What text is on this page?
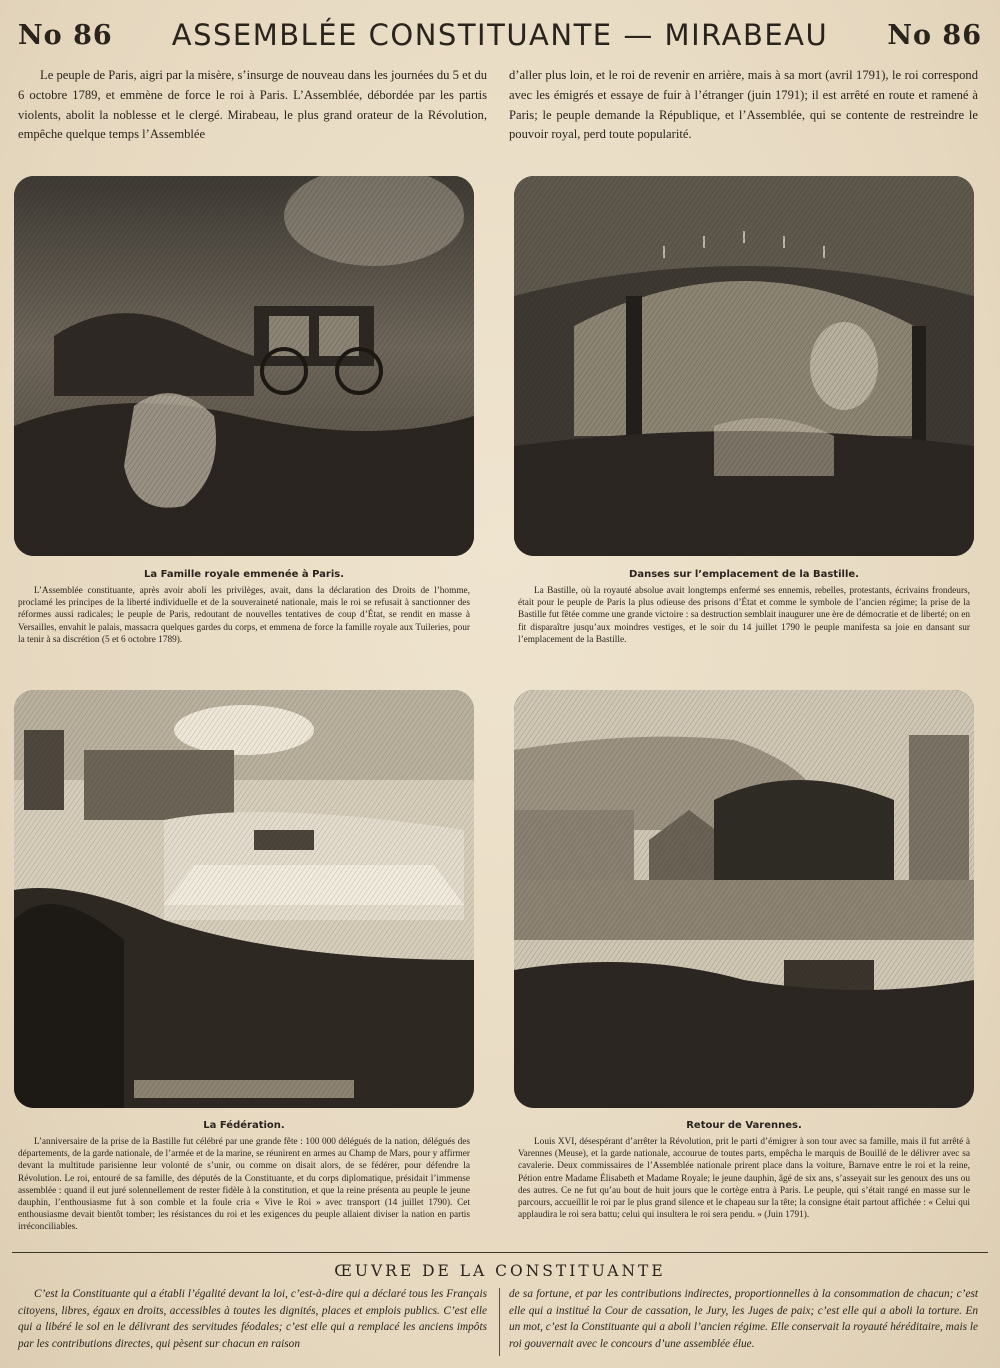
No 86	ASSEMBLÉE CONSTITUANTE — MIRABEAU	No 86

Le peuple de Paris, aigri par la misère, s’insurge de nouveau dans les journées du 5 et du 6 octobre 1789, et emmène de force le roi à Paris. L’Assemblée, débordée par les partis violents, abolit la noblesse et le clergé. Mirabeau, le plus grand orateur de la Révolution, empêche quelque temps l’Assemblée

d’aller plus loin, et le roi de revenir en arrière, mais à sa mort (avril 1791), le roi correspond avec les émigrés et essaye de fuir à l’étranger (juin 1791); il est arrêté en route et ramené à Paris; le peuple demande la République, et l’Assemblée, qui se contente de restreindre le pouvoir royal, perd toute popularité.

La Famille royale emmenée à Paris.

L’Assemblée constituante, après avoir aboli les privilèges, avait, dans la déclaration des Droits de l’homme, proclamé les principes de la liberté individuelle et de la souveraineté nationale, mais le roi se refusait à sanctionner des réformes aussi radicales; le peuple de Paris, redoutant de nouvelles tentatives de coup d’État, se rendit en masse à Versailles, envahit le palais, massacra quelques gardes du corps, et emmena de force la famille royale aux Tuileries, pour la tenir à sa discrétion (5 et 6 octobre 1789).

Danses sur l’emplacement de la Bastille.

La Bastille, où la royauté absolue avait longtemps enfermé ses ennemis, rebelles, protestants, écrivains frondeurs, était pour le peuple de Paris la plus odieuse des prisons d’État et comme le symbole de l’ancien régime; la prise de la Bastille fut fêtée comme une grande victoire : sa destruction semblait inaugurer une ère de démocratie et de liberté; on en fit disparaître jusqu’aux moindres vestiges, et le soir du 14 juillet 1790 le peuple manifesta sa joie en dansant sur l’emplacement de la Bastille.

La Fédération.

L’anniversaire de la prise de la Bastille fut célébré par une grande fête : 100 000 délégués de la nation, délégués des départements, de la garde nationale, de l’armée et de la marine, se réunirent en armes au Champ de Mars, pour y affirmer devant la multitude parisienne leur volonté de s’unir, ou comme on disait alors, de se fédérer, pour défendre la Révolution. Le roi, entouré de sa famille, des députés de la Constituante, et du corps diplomatique, présidait l’immense assemblée : quand il eut juré solennellement de rester fidèle à la constitution, et que la reine présenta au peuple le jeune dauphin, l’enthousiasme fut à son comble et la foule cria « Vive le Roi » avec transport (14 juillet 1790). Cet enthousiasme devait bientôt tomber; les résistances du roi et les exigences du peuple allaient diviser la nation en partis irréconciliables.

Retour de Varennes.

Louis XVI, désespérant d’arrêter la Révolution, prit le parti d’émigrer à son tour avec sa famille, mais il fut arrêté à Varennes (Meuse), et la garde nationale, accourue de toutes parts, empêcha le marquis de Bouillé de le délivrer avec sa cavalerie. Deux commissaires de l’Assemblée nationale prirent place dans la voiture, Barnave entre le roi et la reine, Pétion entre Madame Élisabeth et Madame Royale; le jeune dauphin, âgé de six ans, s’asseyait sur les genoux des uns ou des autres. Ce ne fut qu’au bout de huit jours que le cortège entra à Paris. Le peuple, qui s’était rangé en masse sur le parcours, accueillit le roi par le plus grand silence et le chapeau sur la tête; la consigne était partout affichée : « Celui qui applaudira le roi sera battu; celui qui insultera le roi sera pendu. » (Juin 1791).

ŒUVRE DE LA CONSTITUANTE

C’est la Constituante qui a établi l’égalité devant la loi, c’est-à-dire qui a déclaré tous les Français citoyens, libres, égaux en droits, accessibles à toutes les dignités, places et emplois publics. C’est elle qui a libéré le sol en le délivrant des servitudes féodales; c’est elle qui a remplacé les anciens impôts par les contributions directes, qui pèsent sur chacun en raison

de sa fortune, et par les contributions indirectes, proportionnelles à la consommation de chacun; c’est elle qui a institué la Cour de cassation, le Jury, les Juges de paix; c’est elle qui a aboli la torture. En un mot, c’est la Constituante qui a aboli l’ancien régime. Elle conservait la royauté héréditaire, mais le roi gouvernait avec le concours d’une assemblée élue.
